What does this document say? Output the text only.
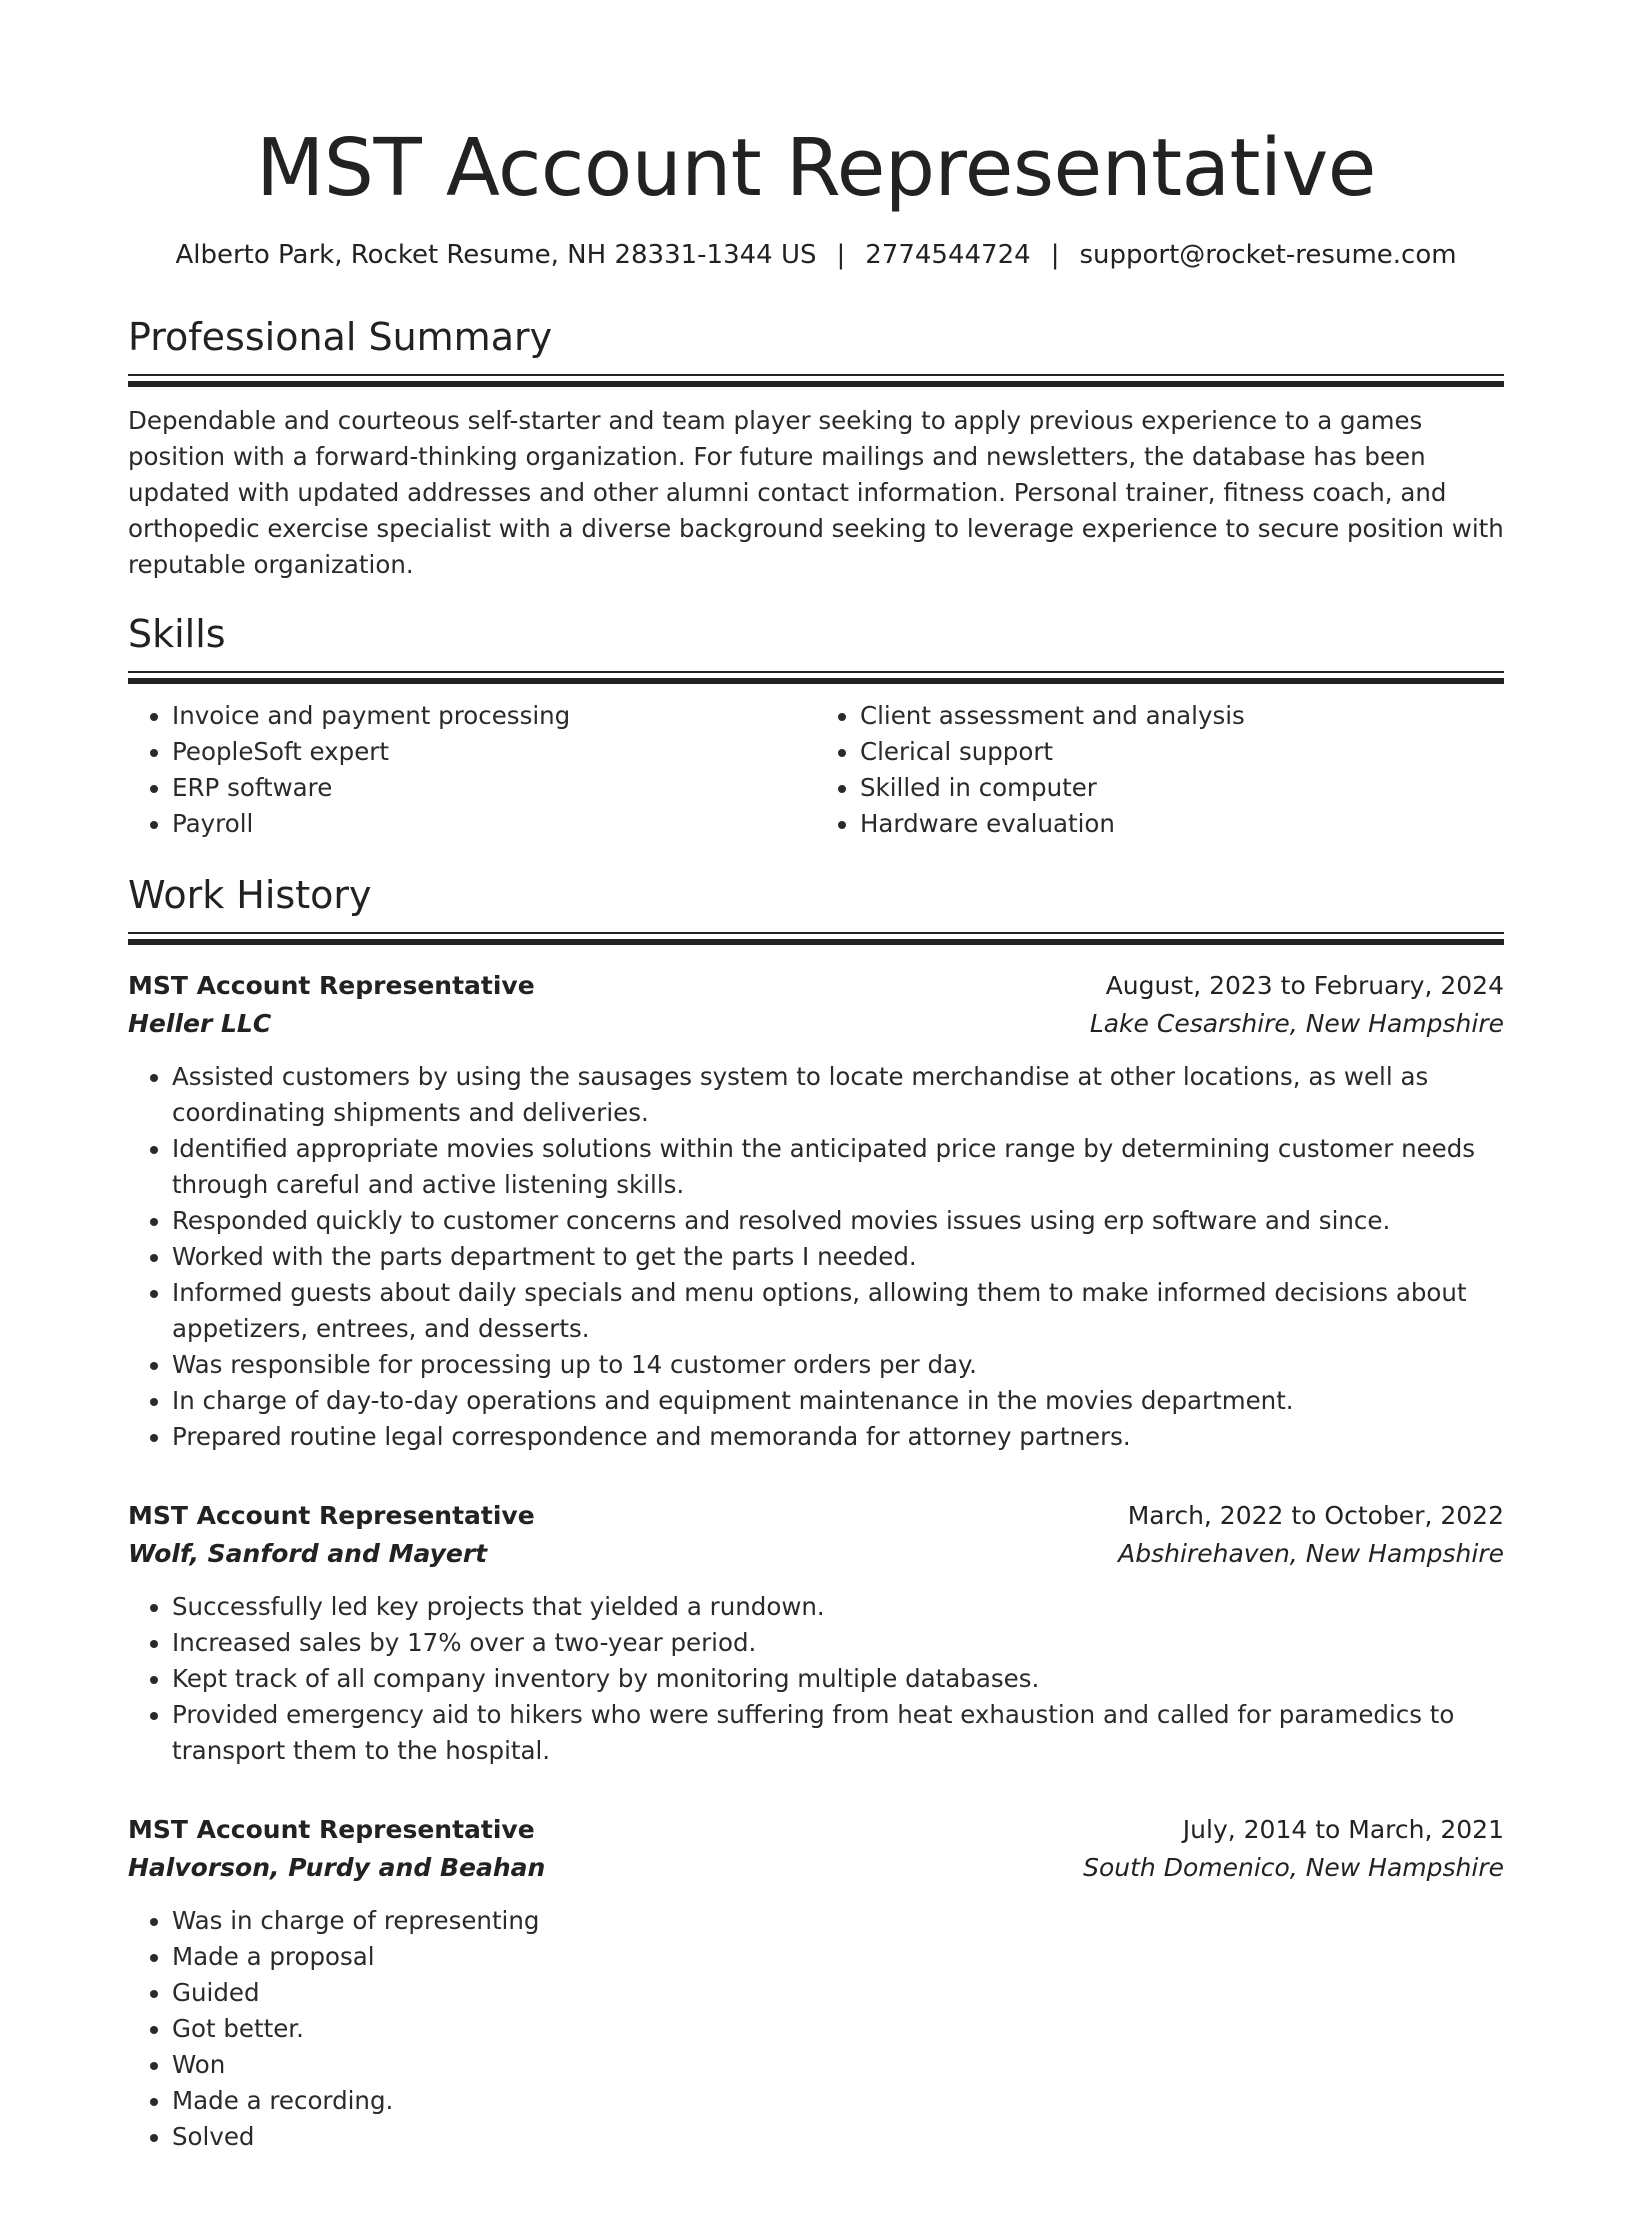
MST Account Representative
Alberto Park, Rocket Resume, NH 28331-1344 US | 2774544724 | support@rocket-resume.com
Professional Summary

Dependable and courteous self-starter and team player seeking to apply previous experience to a games position with a forward-thinking organization. For future mailings and newsletters, the database has been updated with updated addresses and other alumni contact information. Personal trainer, fitness coach, and orthopedic exercise specialist with a diverse background seeking to leverage experience to secure position with reputable organization.

Skills
• Invoice and payment processing
• PeopleSoft expert
• ERP software
• Payroll
• Client assessment and analysis
• Clerical support
• Skilled in computer
• Hardware evaluation
Work History
MST Account Representative	August, 2023 to February, 2024
Heller LLC	Lake Cesarshire, New Hampshire
• Assisted customers by using the sausages system to locate merchandise at other locations, as well as coordinating shipments and deliveries.
• Identified appropriate movies solutions within the anticipated price range by determining customer needs through careful and active listening skills.
• Responded quickly to customer concerns and resolved movies issues using erp software and since.
• Worked with the parts department to get the parts I needed.
• Informed guests about daily specials and menu options, allowing them to make informed decisions about appetizers, entrees, and desserts.
• Was responsible for processing up to 14 customer orders per day.
• In charge of day-to-day operations and equipment maintenance in the movies department.
• Prepared routine legal correspondence and memoranda for attorney partners.
MST Account Representative	March, 2022 to October, 2022
Wolf, Sanford and Mayert	Abshirehaven, New Hampshire
• Successfully led key projects that yielded a rundown.
• Increased sales by 17% over a two-year period.
• Kept track of all company inventory by monitoring multiple databases.
• Provided emergency aid to hikers who were suffering from heat exhaustion and called for paramedics to transport them to the hospital.
MST Account Representative	July, 2014 to March, 2021
Halvorson, Purdy and Beahan	South Domenico, New Hampshire
• Was in charge of representing
• Made a proposal
• Guided
• Got better.
• Won
• Made a recording.
• Solved
